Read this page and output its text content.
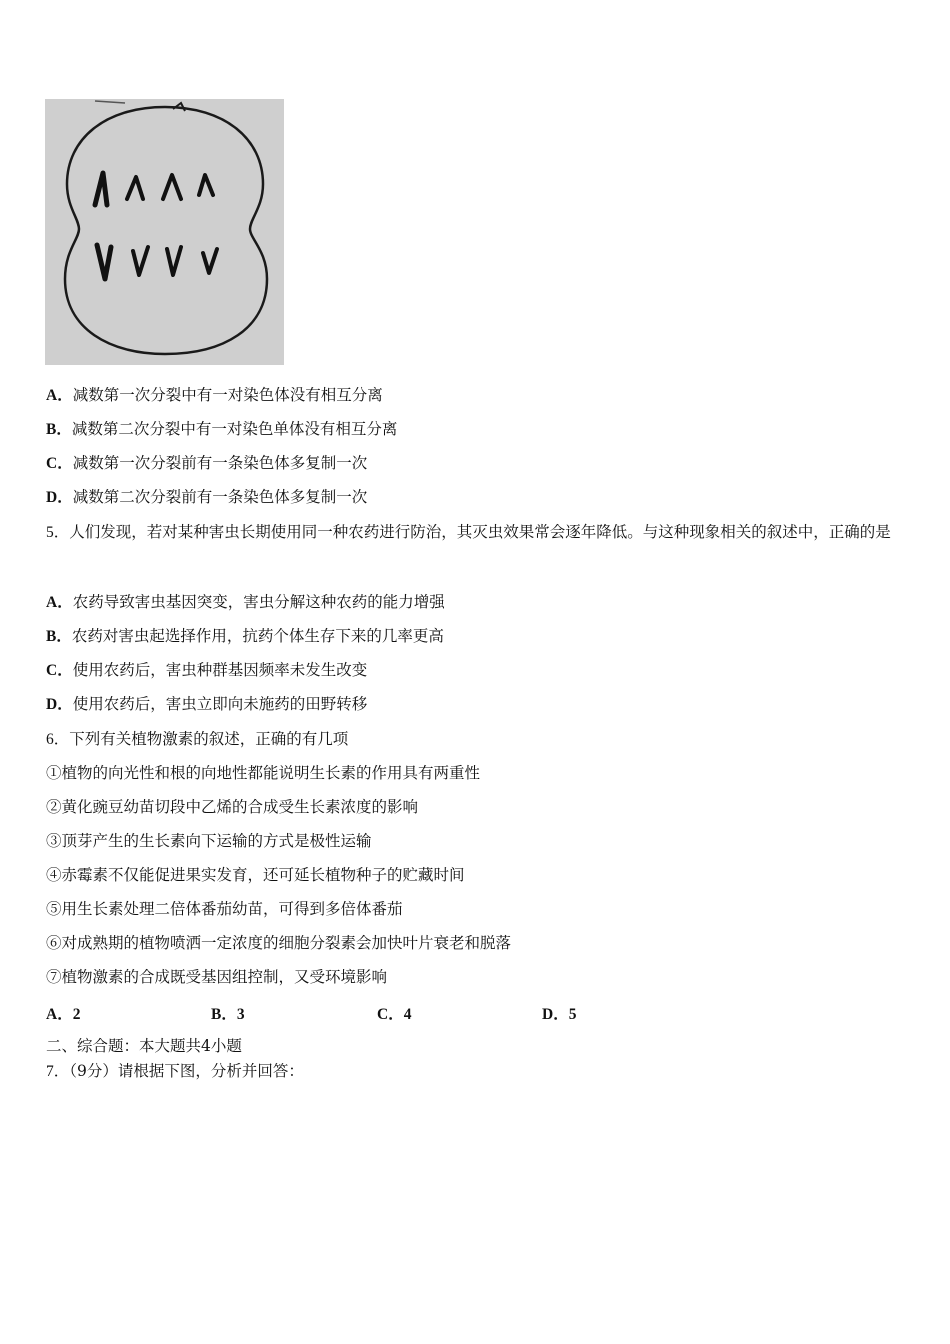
A．减数第一次分裂中有一对染色体没有相互分离
B．减数第二次分裂中有一对染色单体没有相互分离
C．减数第一次分裂前有一条染色体多复制一次
D．减数第二次分裂前有一条染色体多复制一次
5．人们发现，若对某种害虫长期使用同一种农药进行防治，其灭虫效果常会逐年降低。与这种现象相关的叙述中，正确的是
A．农药导致害虫基因突变，害虫分解这种农药的能力增强
B．农药对害虫起选择作用，抗药个体生存下来的几率更高
C．使用农药后，害虫种群基因频率未发生改变
D．使用农药后，害虫立即向未施药的田野转移
6．下列有关植物激素的叙述，正确的有几项
①植物的向光性和根的向地性都能说明生长素的作用具有两重性
②黄化豌豆幼苗切段中乙烯的合成受生长素浓度的影响
③顶芽产生的生长素向下运输的方式是极性运输
④赤霉素不仅能促进果实发育，还可延长植物种子的贮藏时间
⑤用生长素处理二倍体番茄幼苗，可得到多倍体番茄
⑥对成熟期的植物喷洒一定浓度的细胞分裂素会加快叶片衰老和脱落
⑦植物激素的合成既受基因组控制，又受环境影响
A．2	B．3	C．4	D．5
二、综合题：本大题共4小题
7．（9分）请根据下图，分析并回答：
